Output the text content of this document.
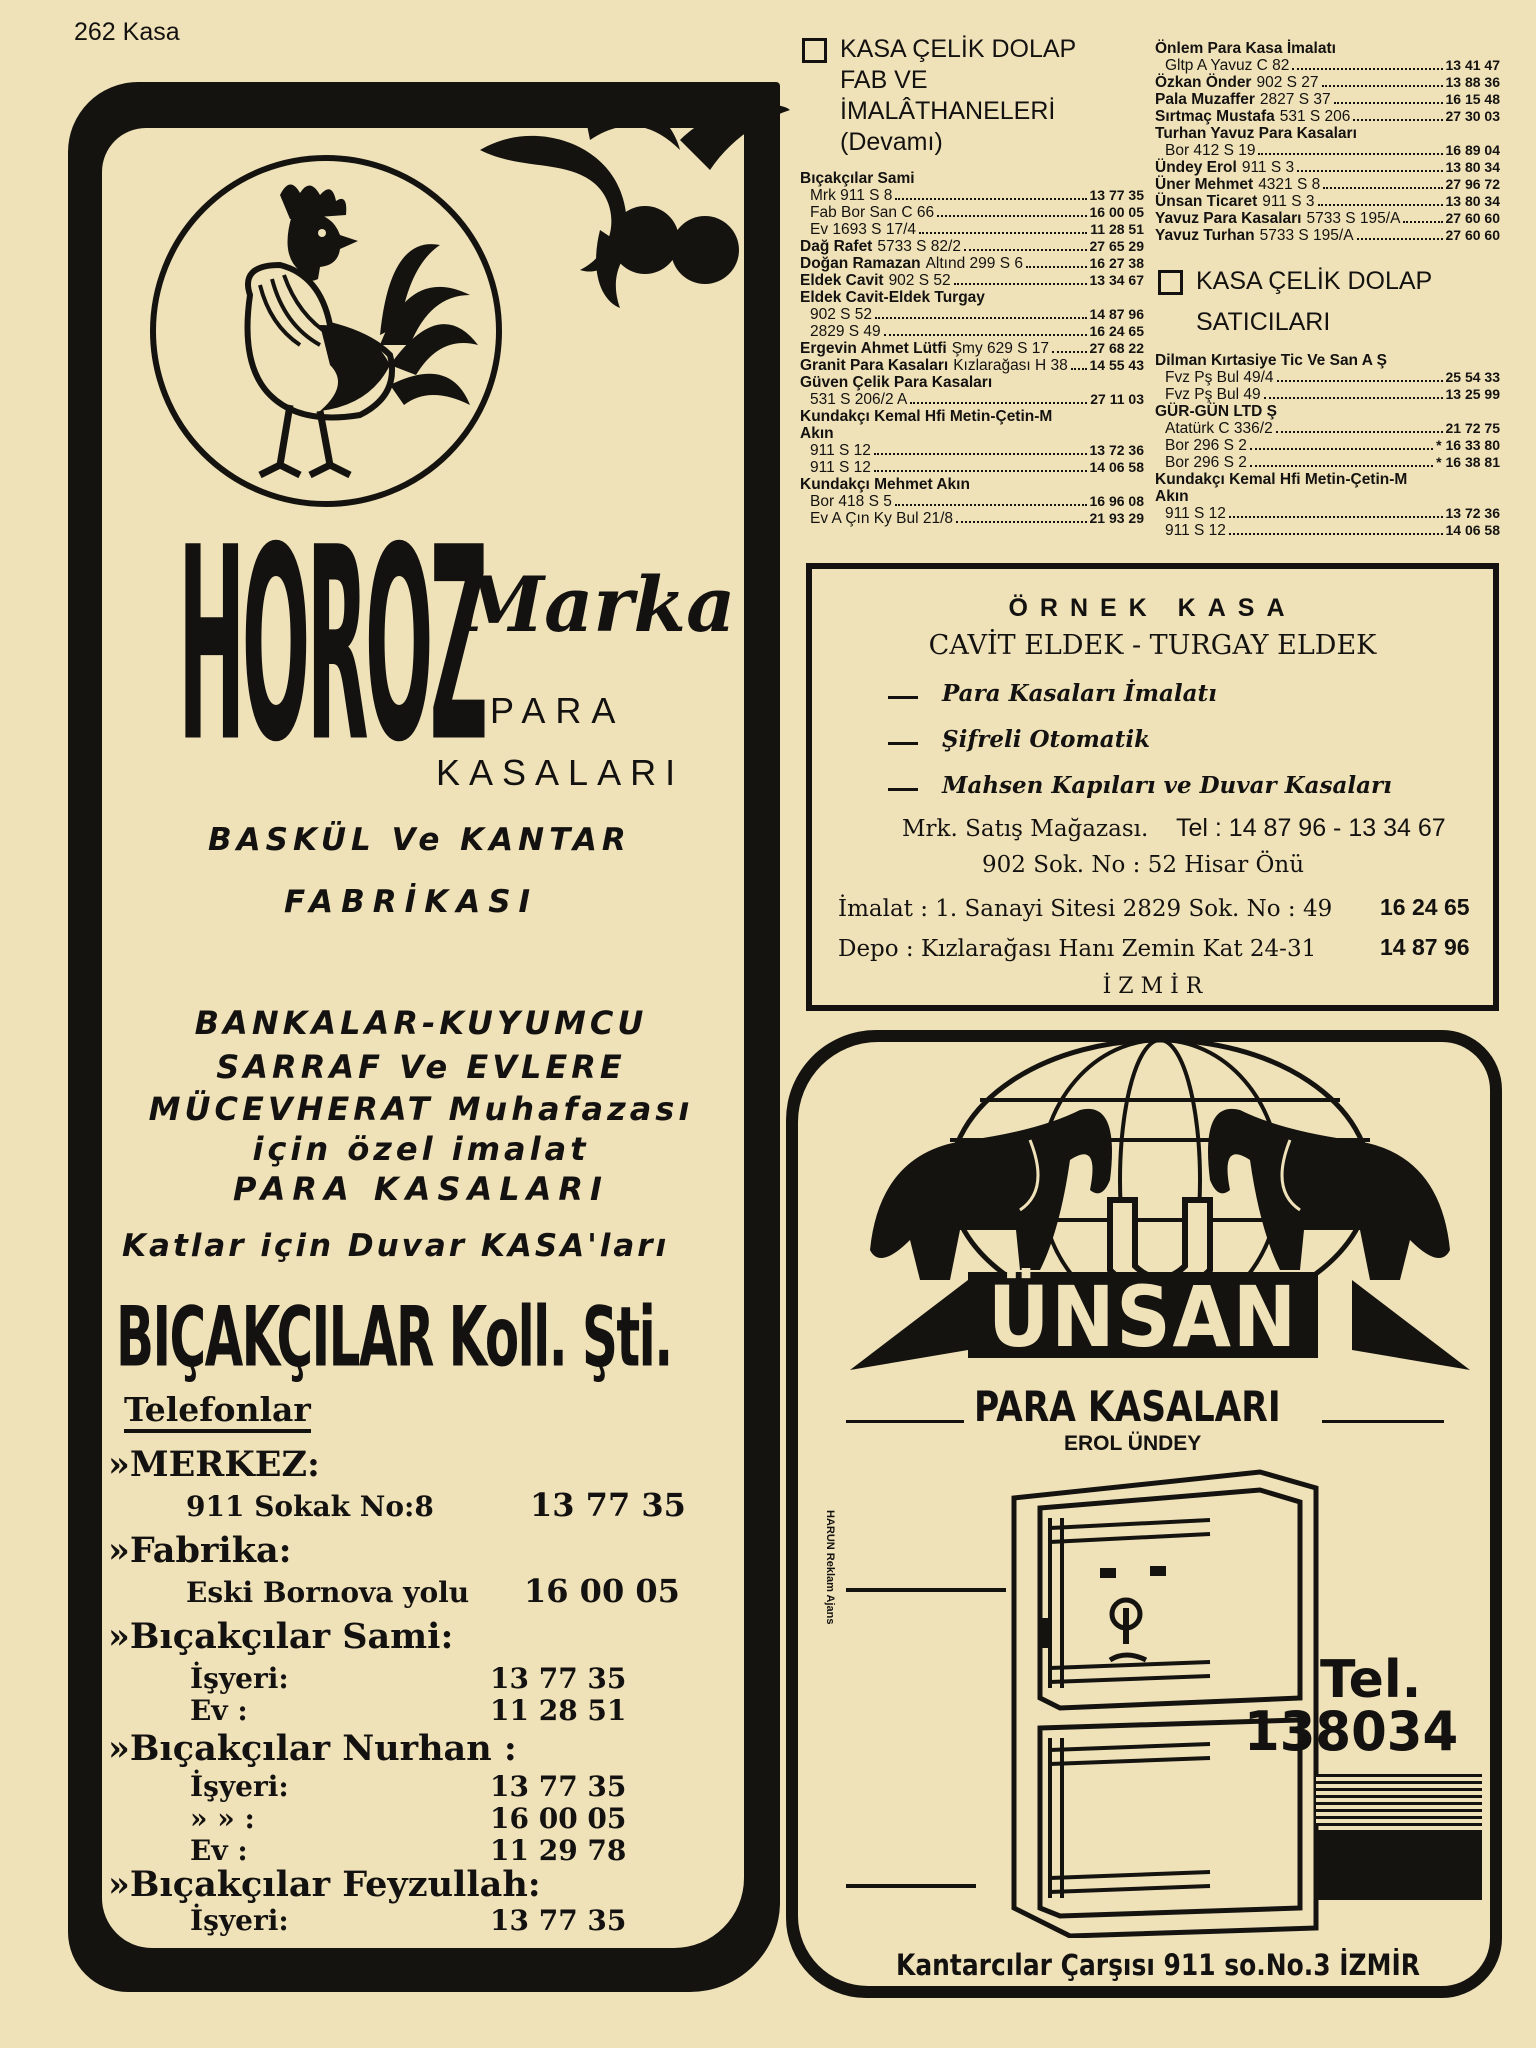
262 Kasa
HOROZ
Marka
PARA
KASALARI
BASKÜL Ve KANTAR
FABRİKASI
BANKALAR-KUYUMCU
SARRAF Ve EVLERE
MÜCEVHERAT Muhafazası
için özel imalat
PARA KASALARI
Katlar için Duvar KASA'ları
BIÇAKÇILAR Koll. Şti.
Telefonlar
»MERKEZ:
911 Sokak No:8	13 77 35
»Fabrika:
Eski Bornova yolu 16 00 05
»Bıçakçılar Sami:
İşyeri:	13 77 35
Ev :	11 28 51
»Bıçakçılar Nurhan :
İşyeri:	13 77 35
» » :	16 00 05
Ev :	11 29 78
»Bıçakçılar Feyzullah:
İşyeri:	13 77 35
KASA ÇELİK DOLAP
FAB VE
İMALÂTHANELERİ
(Devamı)
Bıçakçılar Sami
Mrk 911 S 8	13 77 35
Fab Bor San C 66	16 00 05
Ev 1693 S 17/4	11 28 51
Dağ Rafet 5733 S 82/2	27 65 29
Doğan Ramazan Altınd 299 S 6	16 27 38
Eldek Cavit 902 S 52	13 34 67
Eldek Cavit-Eldek Turgay
902 S 52	14 87 96
2829 S 49	16 24 65
Ergevin Ahmet Lütfi Şmy 629 S 17	27 68 22
Granit Para Kasaları Kızlarağası H 38 14 55 43
Güven Çelik Para Kasaları
531 S 206/2 A	27 11 03
Kundakçı Kemal Hfi Metin-Çetin-M
Akın
911 S 12	13 72 36
911 S 12	14 06 58
Kundakçı Mehmet Akın
Bor 418 S 5	16 96 08
Ev A Çın Ky Bul 21/8	21 93 29
Önlem Para Kasa İmalatı
Gltp A Yavuz C 82	13 41 47
Özkan Önder 902 S 27	13 88 36
Pala Muzaffer 2827 S 37	16 15 48
Sırtmaç Mustafa 531 S 206	27 30 03
Turhan Yavuz Para Kasaları
Bor 412 S 19	16 89 04
Ündey Erol 911 S 3	13 80 34
Üner Mehmet 4321 S 8	27 96 72
Ünsan Ticaret 911 S 3	13 80 34
Yavuz Para Kasaları 5733 S 195/A	27 60 60
Yavuz Turhan 5733 S 195/A	27 60 60
KASA ÇELİK DOLAP
SATICILARI
Dilman Kırtasiye Tic Ve San A Ş
Fvz Pş Bul 49/4	25 54 33
Fvz Pş Bul 49	13 25 99
GÜR-GÜN LTD Ş
Atatürk C 336/2	21 72 75
Bor 296 S 2	* 16 33 80
Bor 296 S 2	* 16 38 81
Kundakçı Kemal Hfi Metin-Çetin-M
Akın
911 S 12	13 72 36
911 S 12	14 06 58
ÖRNEK KASA
CAVİT ELDEK - TURGAY ELDEK
Para Kasaları İmalatı
Şifreli Otomatik
Mahsen Kapıları ve Duvar Kasaları
Mrk. Satış Mağazası. Tel : 14 87 96 - 13 34 67
902 Sok. No : 52 Hisar Önü
İmalat : 1. Sanayi Sitesi 2829 Sok. No : 49 16 24 65
Depo : Kızlarağası Hanı Zemin Kat 24-31	14 87 96
İ Z M İ R
ÜNSAN
PARA KASALARI
EROL ÜNDEY
HARUN Reklam Ajans
Tel.
138034
Kantarcılar Çarşısı 911 so.No.3 İZMİR
